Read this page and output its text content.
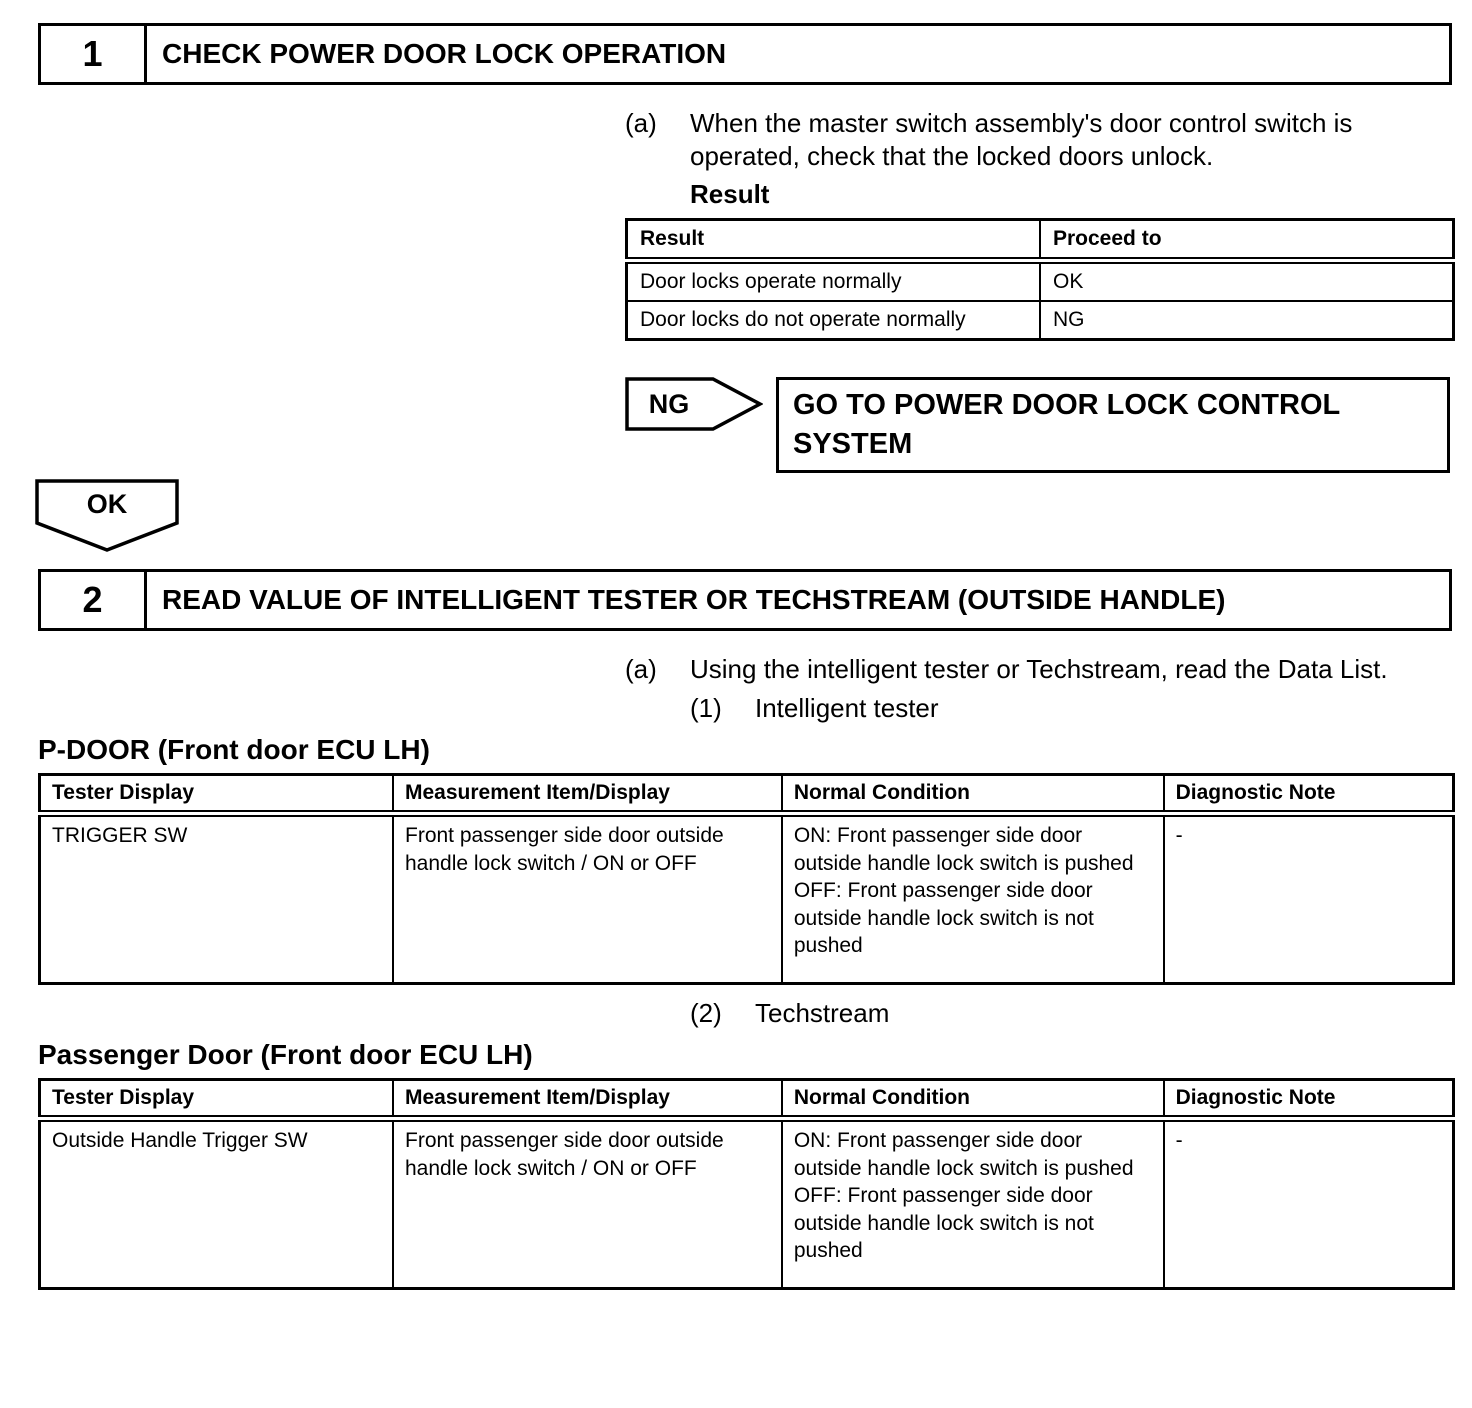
1	CHECK POWER DOOR LOCK OPERATION
(a)	When the master switch assembly's door control switch is operated, check that the locked doors unlock.
Result
Result	Proceed to
Door locks operate normally	OK
Door locks do not operate normally	NG
NG	GO TO POWER DOOR LOCK CONTROL SYSTEM
OK
2	READ VALUE OF INTELLIGENT TESTER OR TECHSTREAM (OUTSIDE HANDLE)
(a)	Using the intelligent tester or Techstream, read the Data List.
(1)	Intelligent tester
P-DOOR (Front door ECU LH)
Tester Display	Measurement Item/Display	Normal Condition	Diagnostic Note
TRIGGER SW	Front passenger side door outside handle lock switch / ON or OFF	ON: Front passenger side door outside handle lock switch is pushed
OFF: Front passenger side door outside handle lock switch is not pushed	-
(2)	Techstream
Passenger Door (Front door ECU LH)
Tester Display	Measurement Item/Display	Normal Condition	Diagnostic Note
Outside Handle Trigger SW	Front passenger side door outside handle lock switch / ON or OFF	ON: Front passenger side door outside handle lock switch is pushed
OFF: Front passenger side door outside handle lock switch is not pushed	-
